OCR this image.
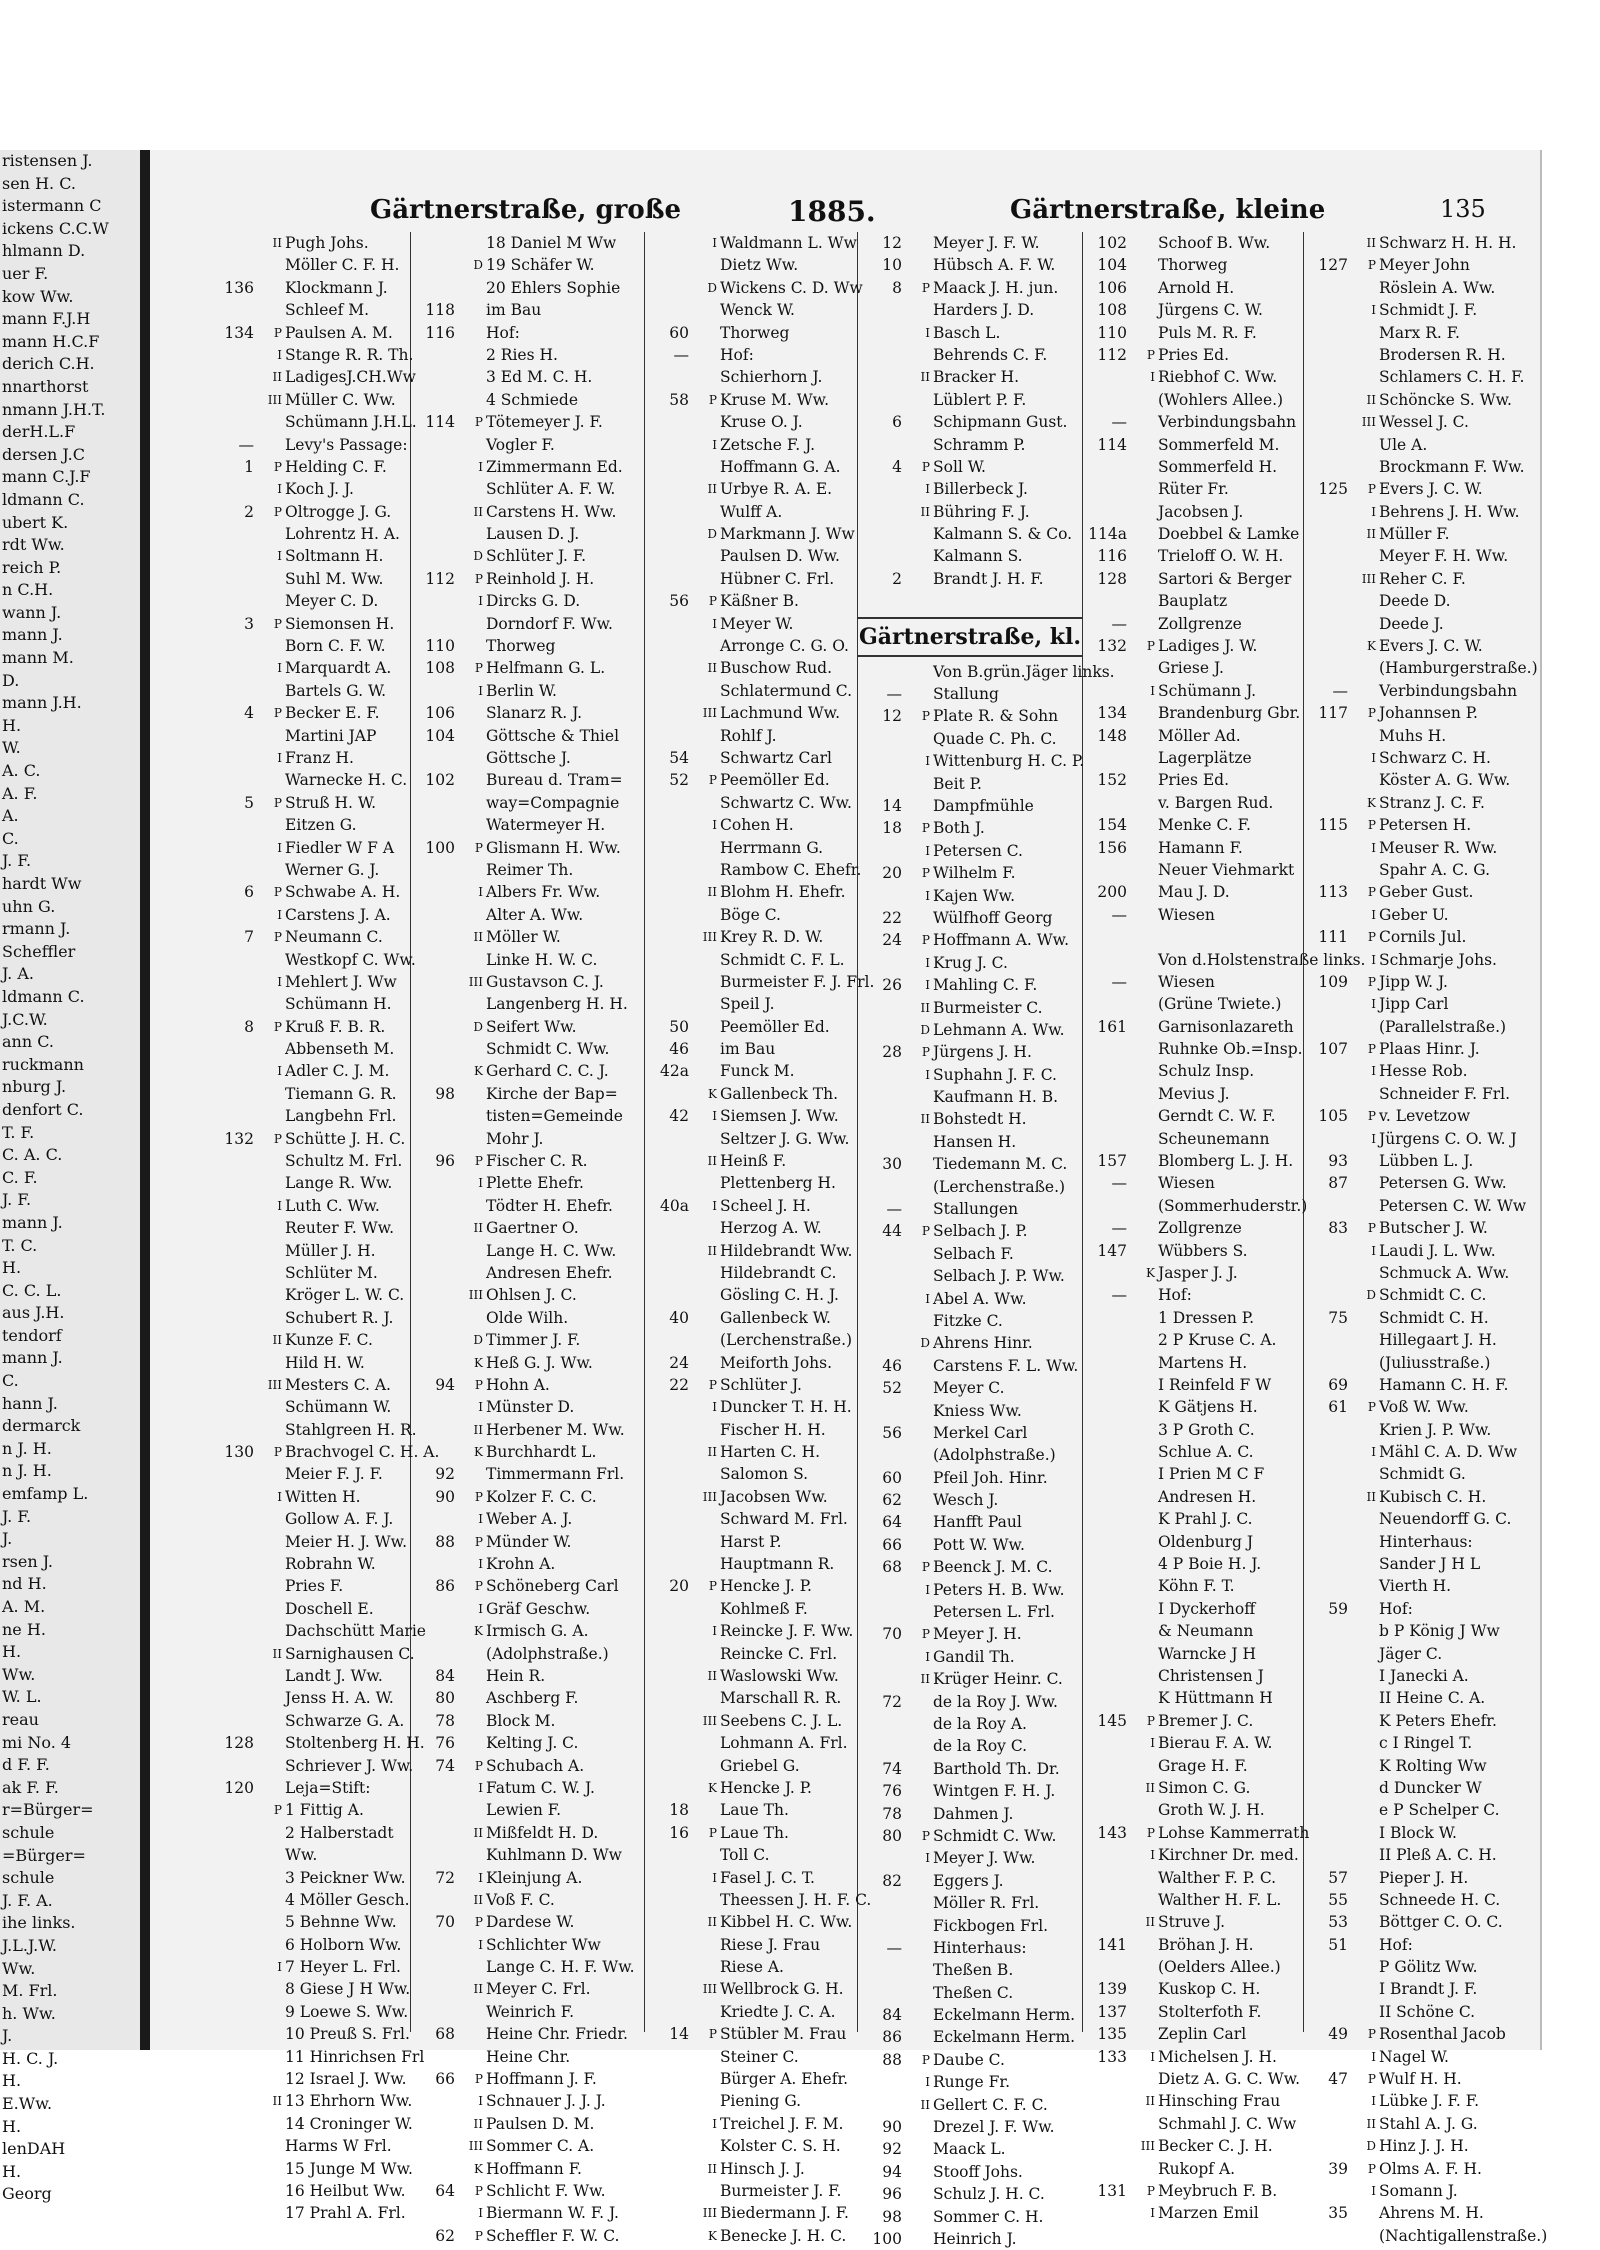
ristensen J.
sen H. C.
istermann C
ickens C.C.W
hlmann D.
uer F.
kow Ww.
mann F.J.H
mann H.C.F
derich C.H.
nnarthorst
nmann J.H.T.
derH.L.F
dersen J.C
mann C.J.F
ldmann C.
ubert K.
rdt Ww.
reich P.
n C.H.
wann J.
mann J.
mann M.
D.
mann J.H.
H.
W.
A. C.
A. F.
A.
C.
J. F.
hardt Ww
uhn G.
rmann J.
Scheffler
J. A.
ldmann C.
J.C.W.
ann C.
ruckmann
nburg J.
denfort C.
T. F.
C. A. C.
C. F.
J. F.
mann J.
T. C.
H.
C. C. L.
aus J.H.
tendorf
mann J.
C.
hann J.
dermarck
n J. H.
n J. H.
emfamp L.
J. F.
J.
rsen J.
nd H.
A. M.
ne H.
H.
Ww.
W. L.
reau
mi No. 4
d F. F.
ak F. F.
r=Bürger=
schule
=Bürger=
schule
J. F. A.
ihe links.
J.L.J.W.
Ww.
M. Frl.
h. Ww.
J.
H. C. J.
H.
E.Ww.
H.
lenDAH
H.
Georg
Gärtnerstraße, große	1885.	Gärtnerstraße, kleine	135
II Pugh Johs.
Möller C. F. H.
136 Klockmann J.
Schleef M.
134	P Paulsen A. M.
I Stange R. R. Th.
II LadigesJ.CH.Ww
III Müller C. Ww.
Schümann J.H.L.
— Levy's Passage:
1	P Helding C. F.
I Koch J. J.
2	P Oltrogge J. G.
Lohrentz H. A.
I Soltmann H.
Suhl M. Ww.
Meyer C. D.
3	P Siemonsen H.
Born C. F. W.
I Marquardt A.
Bartels G. W.
4	P Becker E. F.
Martini JAP
I Franz H.
Warnecke H. C.
5	P Struß H. W.
Eitzen G.
I Fiedler W F A
Werner G. J.
6	P Schwabe A. H.
I Carstens J. A.
7	P Neumann C.
Westkopf C. Ww.
I Mehlert J. Ww
Schümann H.
8	P Kruß F. B. R.
Abbenseth M.
I Adler C. J. M.
Tiemann G. R.
Langbehn Frl.
132	P Schütte J. H. C.
Schultz M. Frl.
Lange R. Ww.
I Luth C. Ww.
Reuter F. Ww.
Müller J. H.
Schlüter M.
Kröger L. W. C.
Schubert R. J.
II Kunze F. C.
Hild H. W.
III Mesters C. A.
Schümann W.
Stahlgreen H. R.
130	P Brachvogel C. H. A.
Meier F. J. F.
I Witten H.
Gollow A. F. J.
Meier H. J. Ww.
Robrahn W.
Pries F.
Doschell E.
Dachschütt Marie
II Sarnighausen C.
Landt J. Ww.
Jenss H. A. W.
Schwarze G. A.
128 Stoltenberg H. H.
Schriever J. Ww.
120 Leja=Stift:
P 1 Fittig A.
2 Halberstadt
Ww.
3 Peickner Ww.
4 Möller Gesch.
5 Behnne Ww.
6 Holborn Ww.
I 7 Heyer L. Frl.
8 Giese J H Ww.
9 Loewe S. Ww.
10 Preuß S. Frl.
11 Hinrichsen Frl
12 Israel J. Ww.
II 13 Ehrhorn Ww.
14 Croninger W.
Harms W Frl.
15 Junge M Ww.
16 Heilbut Ww.
17 Prahl A. Frl.
18 Daniel M Ww
D 19 Schäfer W.
20 Ehlers Sophie
118 im Bau
116 Hof:
2 Ries H.
3 Ed M. C. H.
4 Schmiede
114	P Tötemeyer J. F.
Vogler F.
I Zimmermann Ed.
Schlüter A. F. W.
II Carstens H. Ww.
Lausen D. J.
D Schlüter J. F.
112	P Reinhold J. H.
I Dircks G. D.
Dorndorf F. Ww.
110 Thorweg
108	P Helfmann G. L.
I Berlin W.
106 Slanarz R. J.
104 Göttsche & Thiel
Göttsche J.
102 Bureau d. Tram=
way=Compagnie
Watermeyer H.
100	P Glismann H. Ww.
Reimer Th.
I Albers Fr. Ww.
Alter A. Ww.
II Möller W.
Linke H. W. C.
III Gustavson C. J.
Langenberg H. H.
D Seifert Ww.
Schmidt C. Ww.
K Gerhard C. C. J.
98 Kirche der Bap=
tisten=Gemeinde
Mohr J.
96	P Fischer C. R.
I Plette Ehefr.
Tödter H. Ehefr.
II Gaertner O.
Lange H. C. Ww.
Andresen Ehefr.
III Ohlsen J. C.
Olde Wilh.
D Timmer J. F.
K Heß G. J. Ww.
94	P Hohn A.
I Münster D.
II Herbener M. Ww.
K Burchhardt L.
92 Timmermann Frl.
90	P Kolzer F. C. C.
I Weber A. J.
88	P Münder W.
I Krohn A.
86	P Schöneberg Carl
I Gräf Geschw.
K Irmisch G. A.
(Adolphstraße.)
84 Hein R.
80 Aschberg F.
78 Block M.
76 Kelting J. C.
74	P Schubach A.
I Fatum C. W. J.
Lewien F.
II Mißfeldt H. D.
Kuhlmann D. Ww
72	I Kleinjung A.
II Voß F. C.
70	P Dardese W.
I Schlichter Ww
Lange C. H. F. Ww.
II Meyer C. Frl.
Weinrich F.
68 Heine Chr. Friedr.
Heine Chr.
66	P Hoffmann J. F.
I Schnauer J. J. J.
II Paulsen D. M.
III Sommer C. A.
K Hoffmann F.
64	P Schlicht F. Ww.
I Biermann W. F. J.
62	P Scheffler F. W. C.
I Waldmann L. Ww
Dietz Ww.
D Wickens C. D. Ww
Wenck W.
60 Thorweg
— Hof:
Schierhorn J.
58	P Kruse M. Ww.
Kruse O. J.
I Zetsche F. J.
Hoffmann G. A.
II Urbye R. A. E.
Wulff A.
D Markmann J. Ww
Paulsen D. Ww.
Hübner C. Frl.
56	P Käßner B.
I Meyer W.
Arronge C. G. O.
II Buschow Rud.
Schlatermund C.
III Lachmund Ww.
Rohlf J.
54 Schwartz Carl
52	P Peemöller Ed.
Schwartz C. Ww.
I Cohen H.
Herrmann G.
Rambow C. Ehefr.
II Blohm H. Ehefr.
Böge C.
III Krey R. D. W.
Schmidt C. F. L.
Burmeister F. J. Frl.
Speil J.
50 Peemöller Ed.
46 im Bau
42a Funck M.
K Gallenbeck Th.
42	I Siemsen J. Ww.
Seltzer J. G. Ww.
II Heinß F.
Plettenberg H.
40a	I Scheel J. H.
Herzog A. W.
II Hildebrandt Ww.
Hildebrandt C.
Gösling C. H. J.
40 Gallenbeck W.
(Lerchenstraße.)
24 Meiforth Johs.
22	P Schlüter J.
I Duncker T. H. H.
Fischer H. H.
II Harten C. H.
Salomon S.
III Jacobsen Ww.
Schward M. Frl.
Harst P.
Hauptmann R.
20	P Hencke J. P.
Kohlmeß F.
I Reincke J. F. Ww.
Reincke C. Frl.
II Waslowski Ww.
Marschall R. R.
III Seebens C. J. L.
Lohmann A. Frl.
Griebel G.
K Hencke J. P.
18 Laue Th.
16	P Laue Th.
Toll C.
I Fasel J. C. T.
Theessen J. H. F. C.
II Kibbel H. C. Ww.
Riese J. Frau
Riese A.
III Wellbrock G. H.
Kriedte J. C. A.
14	P Stübler M. Frau
Steiner C.
Bürger A. Ehefr.
Piening G.
I Treichel J. F. M.
Kolster C. S. H.
II Hinsch J. J.
Burmeister J. F.
III Biedermann J. F.
K Benecke J. H. C.
12 Meyer J. F. W.
10 Hübsch A. F. W.
8	P Maack J. H. jun.
Harders J. D.
I Basch L.
Behrends C. F.
II Bracker H.
Lüblert P. F.
6 Schipmann Gust.
Schramm P.
4	P Soll W.
I Billerbeck J.
II Bühring F. J.
Kalmann S. & Co.
Kalmann S.
2 Brandt J. H. F.
Gärtnerstraße, kl.
Von B.grün.Jäger links.
— Stallung
12	P Plate R. & Sohn
Quade C. Ph. C.
I Wittenburg H. C. P.
Beit P.
14 Dampfmühle
18	P Both J.
I Petersen C.
20	P Wilhelm F.
I Kajen Ww.
22 Wülfhoff Georg
24	P Hoffmann A. Ww.
I Krug J. C.
26	I Mahling C. F.
II Burmeister C.
D Lehmann A. Ww.
28	P Jürgens J. H.
I Suphahn J. F. C.
Kaufmann H. B.
II Bohstedt H.
Hansen H.
30 Tiedemann M. C.
(Lerchenstraße.)
— Stallungen
44	P Selbach J. P.
Selbach F.
Selbach J. P. Ww.
I Abel A. Ww.
Fitzke C.
D Ahrens Hinr.
46 Carstens F. L. Ww.
52 Meyer C.
Kniess Ww.
56 Merkel Carl
(Adolphstraße.)
60 Pfeil Joh. Hinr.
62 Wesch J.
64 Hanfft Paul
66 Pott W. Ww.
68	P Beenck J. M. C.
I Peters H. B. Ww.
Petersen L. Frl.
70	P Meyer J. H.
I Gandil Th.
II Krüger Heinr. C.
72 de la Roy J. Ww.
de la Roy A.
de la Roy C.
74 Barthold Th. Dr.
76 Wintgen F. H. J.
78 Dahmen J.
80	P Schmidt C. Ww.
I Meyer J. Ww.
82 Eggers J.
Möller R. Frl.
Fickbogen Frl.
— Hinterhaus:
Theßen B.
Theßen C.
84 Eckelmann Herm.
86 Eckelmann Herm.
88	P Daube C.
I Runge Fr.
II Gellert C. F. C.
90 Drezel J. F. Ww.
92 Maack L.
94 Stooff Johs.
96 Schulz J. H. C.
98 Sommer C. H.
100 Heinrich J.
102 Schoof B. Ww.
104 Thorweg
106 Arnold H.
108 Jürgens C. W.
110 Puls M. R. F.
112	P Pries Ed.
I Riebhof C. Ww.
(Wohlers Allee.)
— Verbindungsbahn
114 Sommerfeld M.
Sommerfeld H.
Rüter Fr.
Jacobsen J.
114a Doebbel & Lamke
116 Trieloff O. W. H.
128 Sartori & Berger
Bauplatz
— Zollgrenze
132	P Ladiges J. W.
Griese J.
I Schümann J.
134 Brandenburg Gbr.
148 Möller Ad.
Lagerplätze
152 Pries Ed.
v. Bargen Rud.
154 Menke C. F.
156 Hamann F.
Neuer Viehmarkt
200 Mau J. D.
— Wiesen
Von d.Holstenstraße links.
— Wiesen
(Grüne Twiete.)
161 Garnisonlazareth
Ruhnke Ob.=Insp.
Schulz Insp.
Mevius J.
Gerndt C. W. F.
Scheunemann
157 Blomberg L. J. H.
— Wiesen
(Sommerhuderstr.)
— Zollgrenze
147 Wübbers S.
K Jasper J. J.
— Hof:
1 Dressen P.
2 P Kruse C. A.
Martens H.
I Reinfeld F W
K Gätjens H.
3 P Groth C.
Schlue A. C.
I Prien M C F
Andresen H.
K Prahl J. C.
Oldenburg J
4 P Boie H. J.
Köhn F. T.
I Dyckerhoff
& Neumann
Warncke J H
Christensen J
K Hüttmann H
145	P Bremer J. C.
I Bierau F. A. W.
Grage H. F.
II Simon C. G.
Groth W. J. H.
143	P Lohse Kammerrath
I Kirchner Dr. med.
Walther F. P. C.
Walther H. F. L.
II Struve J.
141 Bröhan J. H.
(Oelders Allee.)
139 Kuskop C. H.
137 Stolterfoth F.
135 Zeplin Carl
133	I Michelsen J. H.
Dietz A. G. C. Ww.
II Hinsching Frau
Schmahl J. C. Ww
III Becker C. J. H.
Rukopf A.
131	P Meybruch F. B.
I Marzen Emil
II Schwarz H. H. H.
127	P Meyer John
Röslein A. Ww.
I Schmidt J. F.
Marx R. F.
Brodersen R. H.
Schlamers C. H. F.
II Schöncke S. Ww.
III Wessel J. C.
Ule A.
Brockmann F. Ww.
125	P Evers J. C. W.
I Behrens J. H. Ww.
II Müller F.
Meyer F. H. Ww.
III Reher C. F.
Deede D.
Deede J.
K Evers J. C. W.
(Hamburgerstraße.)
— Verbindungsbahn
117	P Johannsen P.
Muhs H.
I Schwarz C. H.
Köster A. G. Ww.
K Stranz J. C. F.
115	P Petersen H.
I Meuser R. Ww.
Spahr A. C. G.
113	P Geber Gust.
I Geber U.
111	P Cornils Jul.
I Schmarje Johs.
109	P Jipp W. J.
I Jipp Carl
(Parallelstraße.)
107	P Plaas Hinr. J.
I Hesse Rob.
Schneider F. Frl.
105	P v. Levetzow
I Jürgens C. O. W. J
93 Lübben L. J.
87 Petersen G. Ww.
Petersen C. W. Ww
83	P Butscher J. W.
I Laudi J. L. Ww.
Schmuck A. Ww.
D Schmidt C. C.
75 Schmidt C. H.
Hillegaart J. H.
(Juliusstraße.)
69 Hamann C. H. F.
61	P Voß W. Ww.
Krien J. P. Ww.
I Mähl C. A. D. Ww
Schmidt G.
II Kubisch C. H.
Neuendorff G. C.
Hinterhaus:
Sander J H L
Vierth H.
59 Hof:
b P König J Ww
Jäger C.
I Janecki A.
II Heine C. A.
K Peters Ehefr.
c I Ringel T.
K Rolting Ww
d Duncker W
e P Schelper C.
I Block W.
II Pleß A. C. H.
57 Pieper J. H.
55 Schneede H. C.
53 Böttger C. O. C.
51 Hof:
P Gölitz Ww.
I Brandt J. F.
II Schöne C.
49	P Rosenthal Jacob
I Nagel W.
47	P Wulf H. H.
I Lübke J. F. F.
II Stahl A. J. G.
D Hinz J. J. H.
39	P Olms A. F. H.
I Somann J.
35 Ahrens M. H.
(Nachtigallenstraße.)
